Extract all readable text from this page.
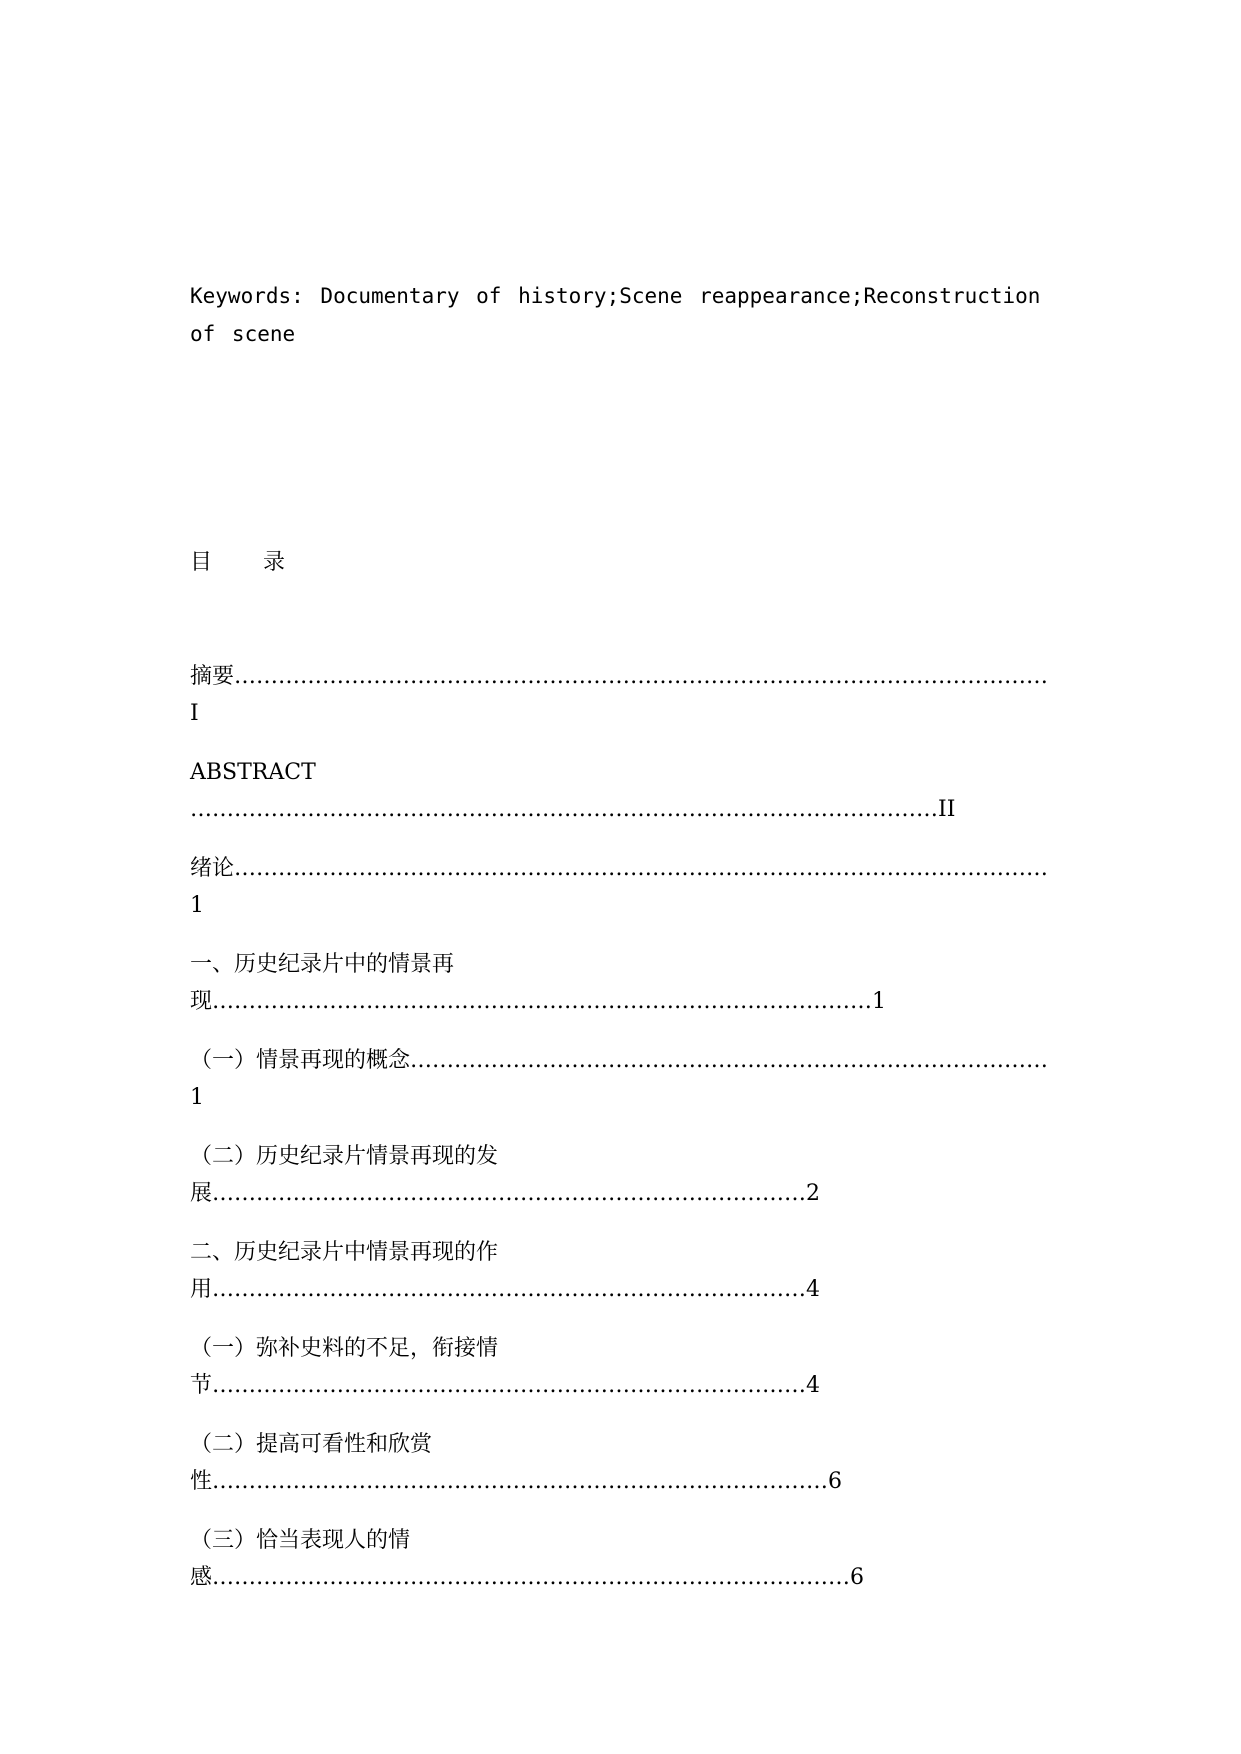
Keywords: Documentary of history;Scene reappearance;Reconstruction of scene

目 录
摘要…………………………………………………………………………………………………I
ABSTRACT
…………………………………………………………………………………………II
绪论…………………………………………………………………………………………………1
一、历史纪录片中的情景再现………………………………………………………………………………1
（一）情景再现的概念……………………………………………………………………………1
（二）历史纪录片情景再现的发展………………………………………………………………………2
二、历史纪录片中情景再现的作用………………………………………………………………………4
（一）弥补史料的不足，衔接情节………………………………………………………………………4
（二）提高可看性和欣赏性…………………………………………………………………………6
（三）恰当表现人的情感……………………………………………………………………………6
